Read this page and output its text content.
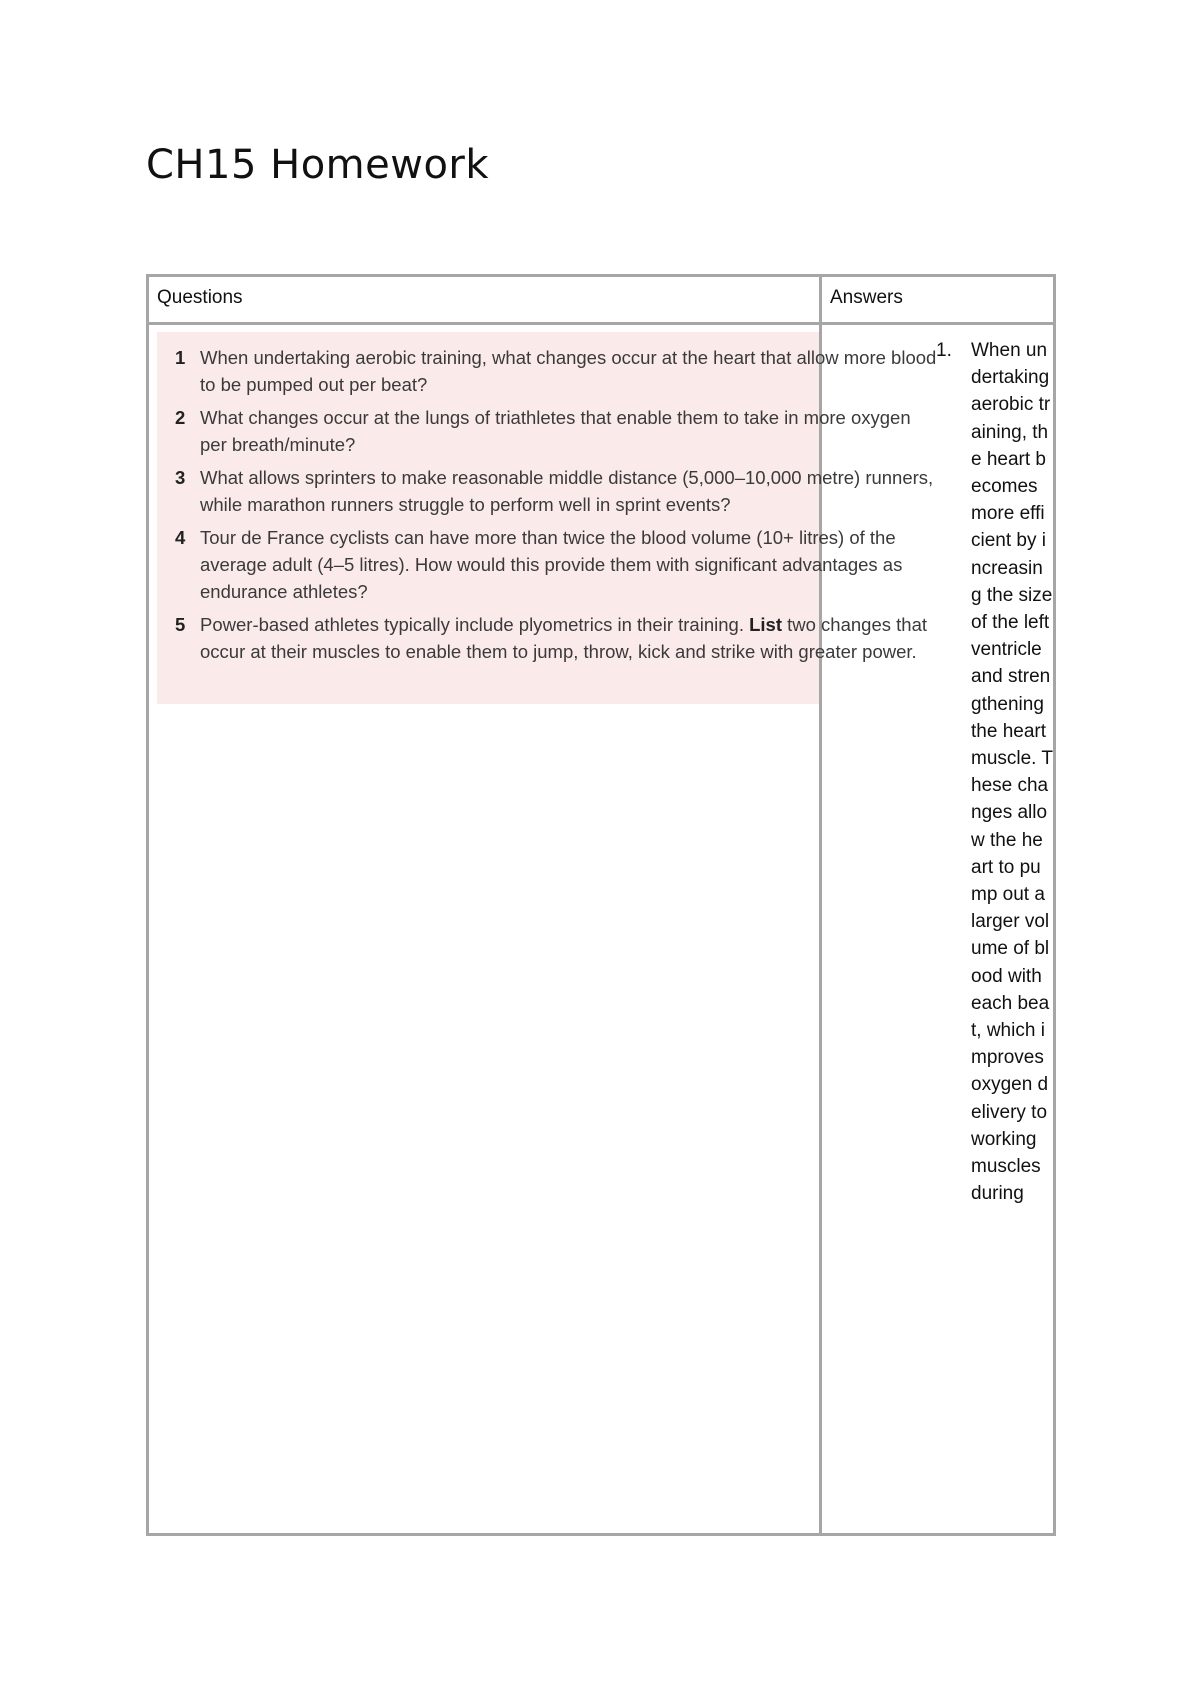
CH15 Homework
Questions	Answers
1 When undertaking aerobic training, what changes occur at the heart that allow more blood to be pumped out per beat?
2 What changes occur at the lungs of triathletes that enable them to take in more oxygen per breath/minute?
3 What allows sprinters to make reasonable middle distance (5,000–10,000 metre) runners, while marathon runners struggle to perform well in sprint events?
4 Tour de France cyclists can have more than twice the blood volume (10+ litres) of the average adult (4–5 litres). How would this provide them with significant advantages as endurance athletes?
5 Power-based athletes typically include plyometrics in their training. List two changes that occur at their muscles to enable them to jump, throw, kick and strike with greater power.
1. When undertaking aerobic training, the heart becomes more efficient by increasing the size of the left ventricle and strengthening the heart muscle. These changes allow the heart to pump out a larger volume of blood with each beat, which improves oxygen delivery to working muscles during
